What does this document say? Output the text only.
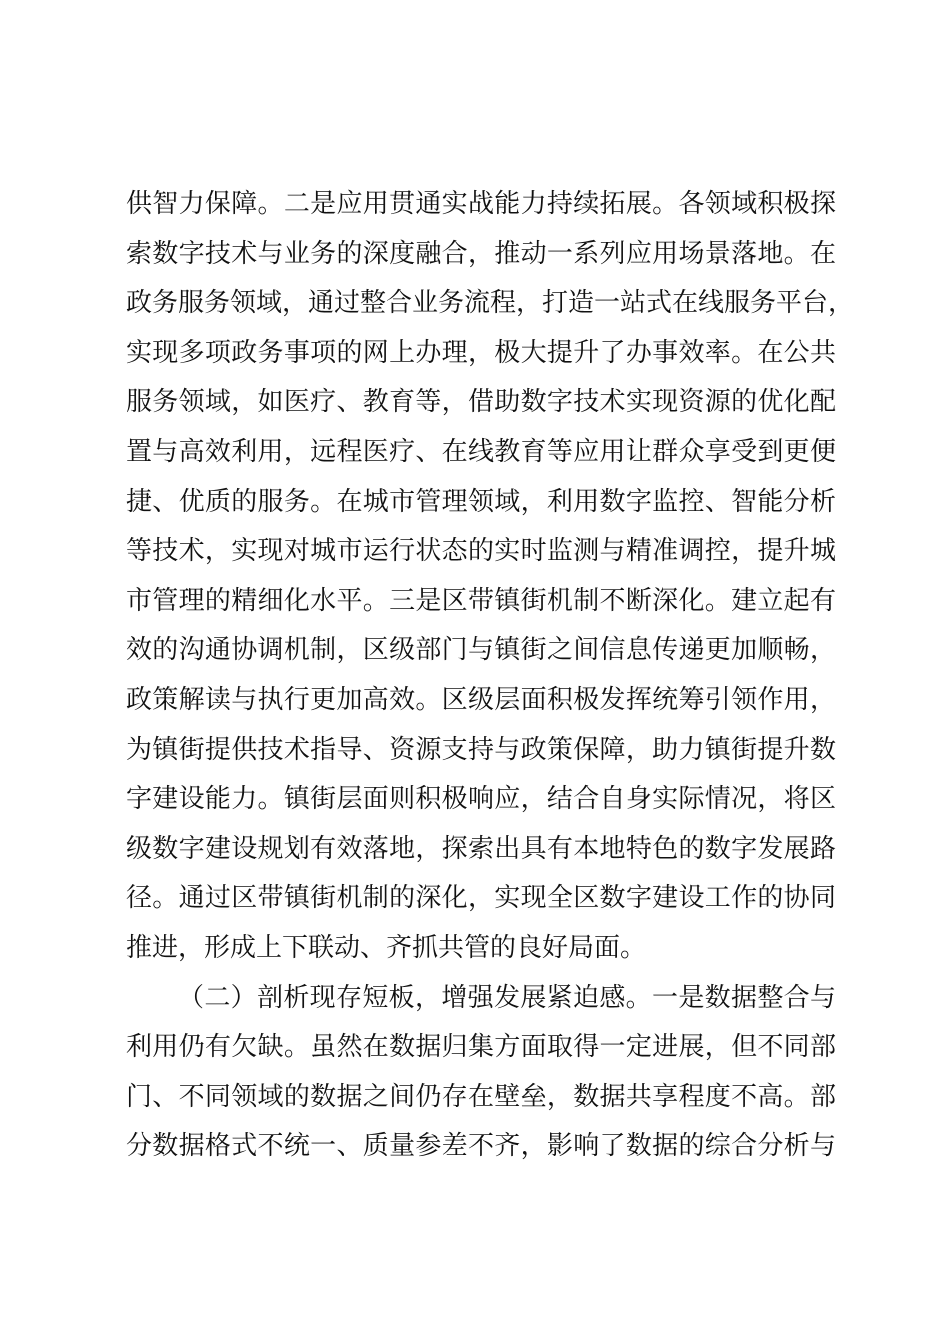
供智力保障。二是应用贯通实战能力持续拓展。各领域积极探
索数字技术与业务的深度融合，推动一系列应用场景落地。在
政务服务领域，通过整合业务流程，打造一站式在线服务平台，
实现多项政务事项的网上办理，极大提升了办事效率。在公共
服务领域，如医疗、教育等，借助数字技术实现资源的优化配
置与高效利用，远程医疗、在线教育等应用让群众享受到更便
捷、优质的服务。在城市管理领域，利用数字监控、智能分析
等技术，实现对城市运行状态的实时监测与精准调控，提升城
市管理的精细化水平。三是区带镇街机制不断深化。建立起有
效的沟通协调机制，区级部门与镇街之间信息传递更加顺畅，
政策解读与执行更加高效。区级层面积极发挥统筹引领作用，
为镇街提供技术指导、资源支持与政策保障，助力镇街提升数
字建设能力。镇街层面则积极响应，结合自身实际情况，将区
级数字建设规划有效落地，探索出具有本地特色的数字发展路
径。通过区带镇街机制的深化，实现全区数字建设工作的协同
推进，形成上下联动、齐抓共管的良好局面。
（二）剖析现存短板，增强发展紧迫感。一是数据整合与
利用仍有欠缺。虽然在数据归集方面取得一定进展，但不同部
门、不同领域的数据之间仍存在壁垒，数据共享程度不高。部
分数据格式不统一、质量参差不齐，影响了数据的综合分析与
